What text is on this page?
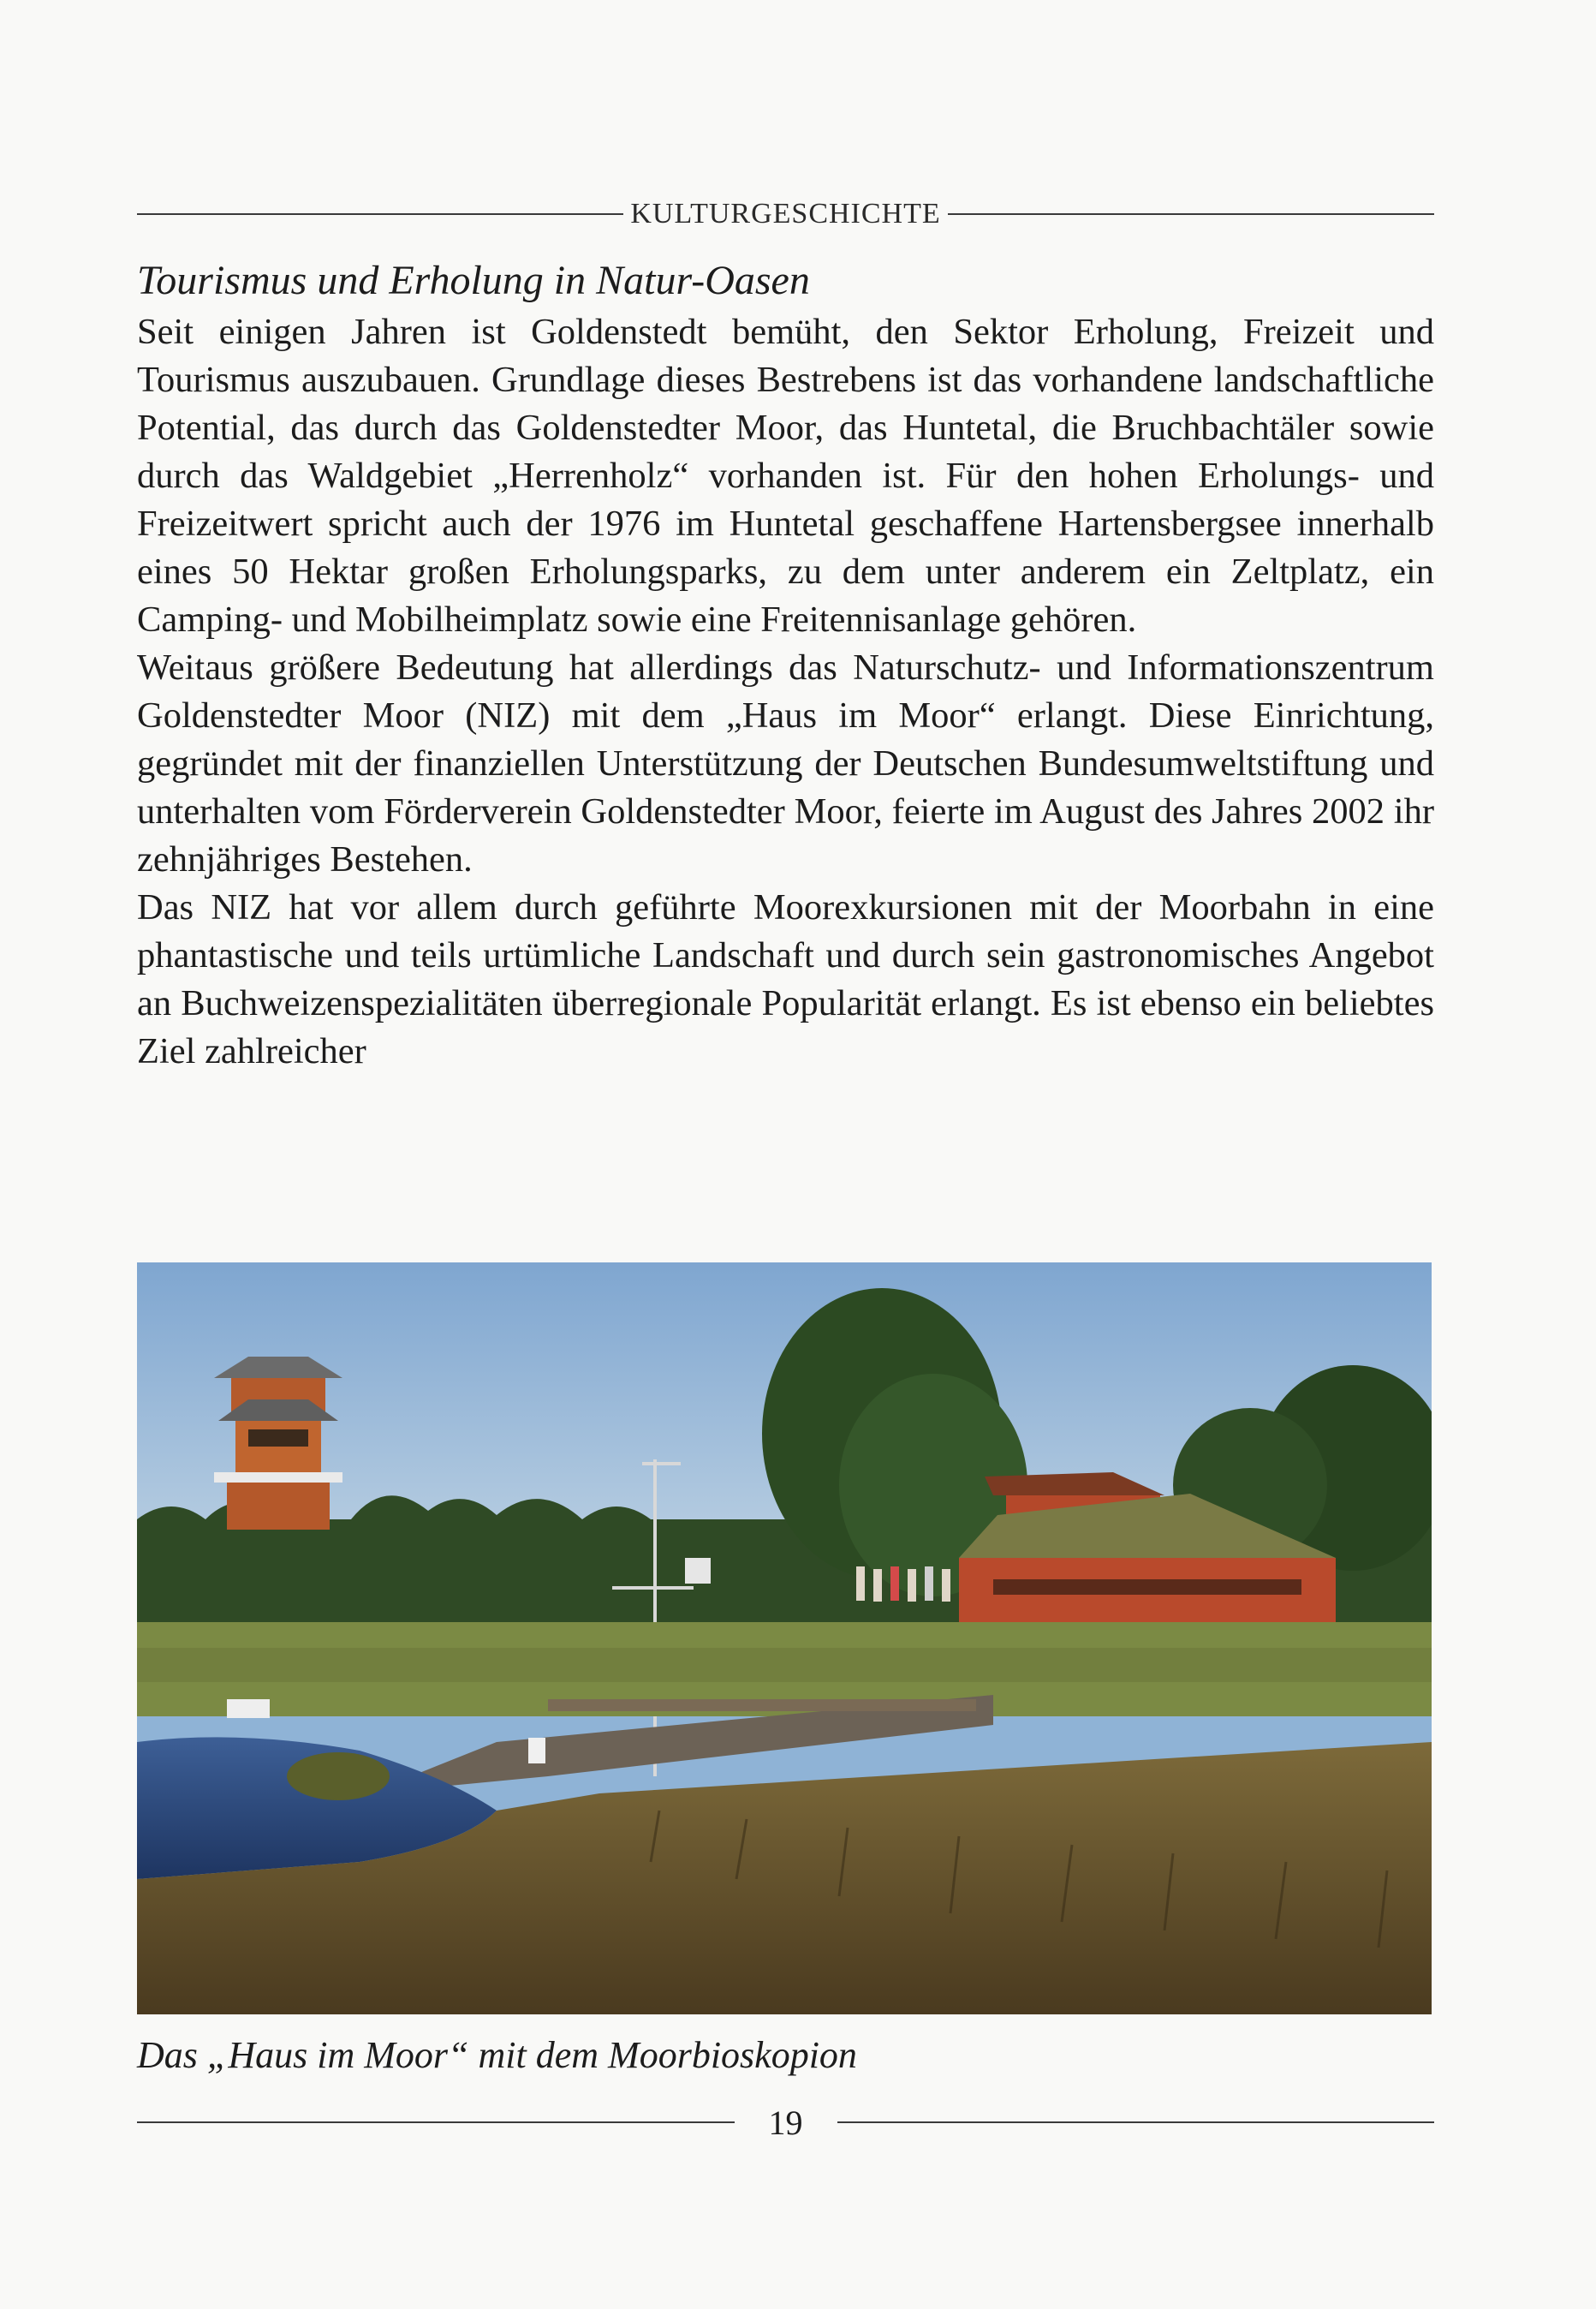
KULTURGESCHICHTE
Tourismus und Erholung in Natur-Oasen

Seit einigen Jahren ist Goldenstedt bemüht, den Sektor Erholung, Freizeit und Tourismus auszubauen. Grundlage dieses Bestrebens ist das vorhandene landschaftliche Potential, das durch das Goldenstedter Moor, das Huntetal, die Bruchbachtäler sowie durch das Waldgebiet „Herrenholz“ vorhanden ist. Für den hohen Erholungs- und Freizeitwert spricht auch der 1976 im Huntetal geschaffene Hartensbergsee innerhalb eines 50 Hektar großen Erholungsparks, zu dem unter anderem ein Zeltplatz, ein Camping- und Mobilheimplatz sowie eine Freitennisanlage gehören.

Weitaus größere Bedeutung hat allerdings das Naturschutz- und Informationszentrum Goldenstedter Moor (NIZ) mit dem „Haus im Moor“ erlangt. Diese Einrichtung, gegründet mit der finanziellen Unterstützung der Deutschen Bundesumweltstiftung und unterhalten vom Förderverein Goldenstedter Moor, feierte im August des Jahres 2002 ihr zehnjähriges Bestehen.

Das NIZ hat vor allem durch geführte Moorexkursionen mit der Moorbahn in eine phantastische und teils urtümliche Landschaft und durch sein gastronomisches Angebot an Buchweizenspezialitäten überregionale Popularität erlangt. Es ist ebenso ein beliebtes Ziel zahlreicher

Das „Haus im Moor“ mit dem Moorbioskopion
19
